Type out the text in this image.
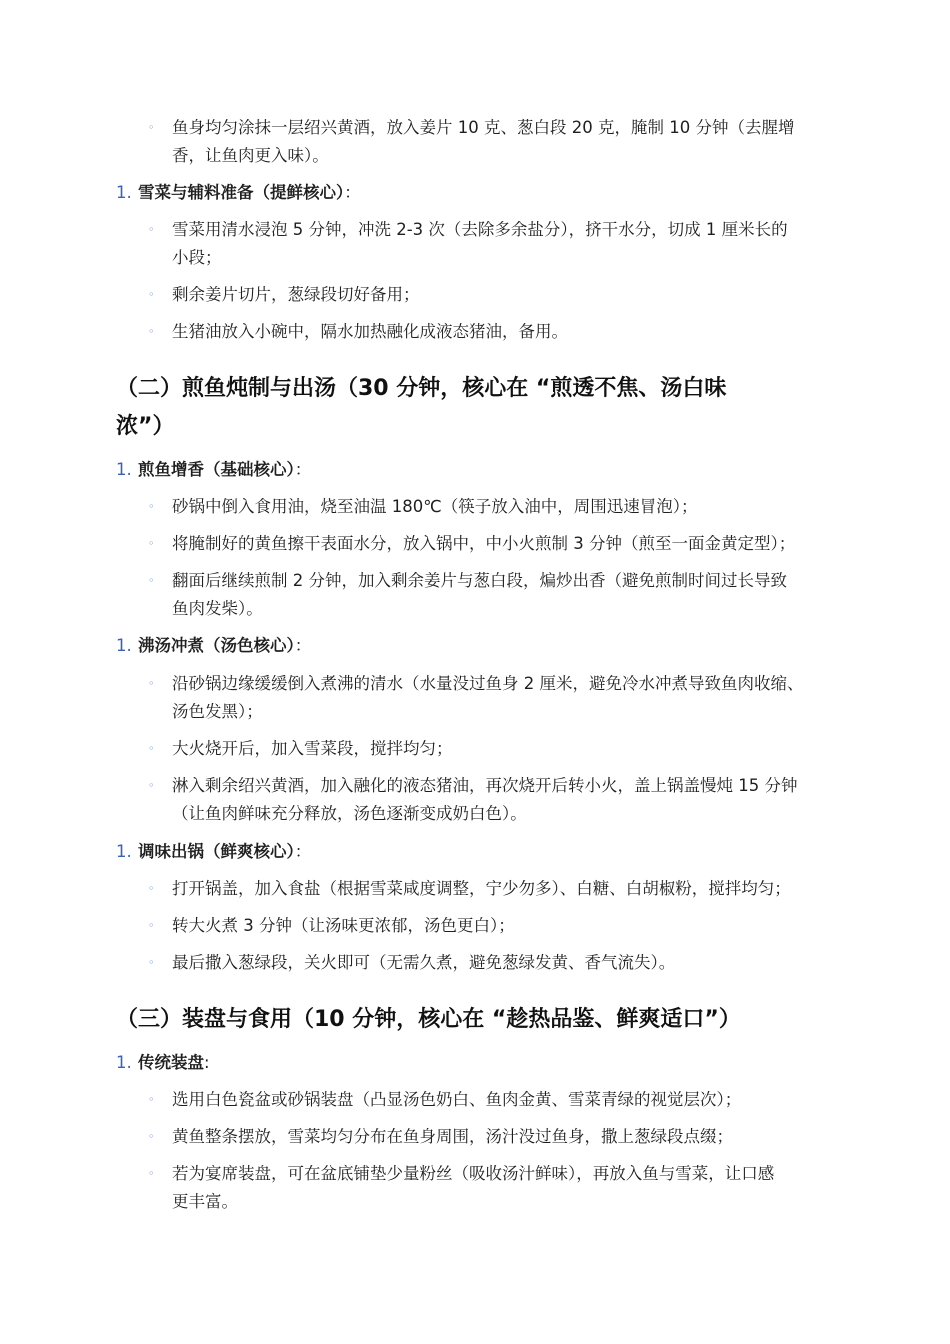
◦ 鱼身均匀涂抹一层绍兴黄酒，放入姜片 10 克、葱白段 20 克，腌制 10 分钟（去腥增
香，让鱼肉更入味）。
1. 雪菜与辅料准备（提鲜核心）：
◦ 雪菜用清水浸泡 5 分钟，冲洗 2-3 次（去除多余盐分），挤干水分，切成 1 厘米长的
小段；
◦ 剩余姜片切片，葱绿段切好备用；
◦ 生猪油放入小碗中，隔水加热融化成液态猪油，备用。
（二）煎鱼炖制与出汤（30 分钟，核心在 “煎透不焦、汤白味
浓”）
1. 煎鱼增香（基础核心）：
◦ 砂锅中倒入食用油，烧至油温 180℃（筷子放入油中，周围迅速冒泡）；
◦ 将腌制好的黄鱼擦干表面水分，放入锅中，中小火煎制 3 分钟（煎至一面金黄定型）；
◦ 翻面后继续煎制 2 分钟，加入剩余姜片与葱白段，煸炒出香（避免煎制时间过长导致
鱼肉发柴）。
1. 沸汤冲煮（汤色核心）：
◦ 沿砂锅边缘缓缓倒入煮沸的清水（水量没过鱼身 2 厘米，避免冷水冲煮导致鱼肉收缩、
汤色发黑）；
◦ 大火烧开后，加入雪菜段，搅拌均匀；
◦ 淋入剩余绍兴黄酒，加入融化的液态猪油，再次烧开后转小火，盖上锅盖慢炖 15 分钟
（让鱼肉鲜味充分释放，汤色逐渐变成奶白色）。
1. 调味出锅（鲜爽核心）：
◦ 打开锅盖，加入食盐（根据雪菜咸度调整，宁少勿多）、白糖、白胡椒粉，搅拌均匀；
◦ 转大火煮 3 分钟（让汤味更浓郁，汤色更白）；
◦ 最后撒入葱绿段，关火即可（无需久煮，避免葱绿发黄、香气流失）。
（三）装盘与食用（10 分钟，核心在 “趁热品鉴、鲜爽适口”）
1. 传统装盘:
◦ 选用白色瓷盆或砂锅装盘（凸显汤色奶白、鱼肉金黄、雪菜青绿的视觉层次）；
◦ 黄鱼整条摆放，雪菜均匀分布在鱼身周围，汤汁没过鱼身，撒上葱绿段点缀；
◦ 若为宴席装盘，可在盆底铺垫少量粉丝（吸收汤汁鲜味），再放入鱼与雪菜，让口感
更丰富。
